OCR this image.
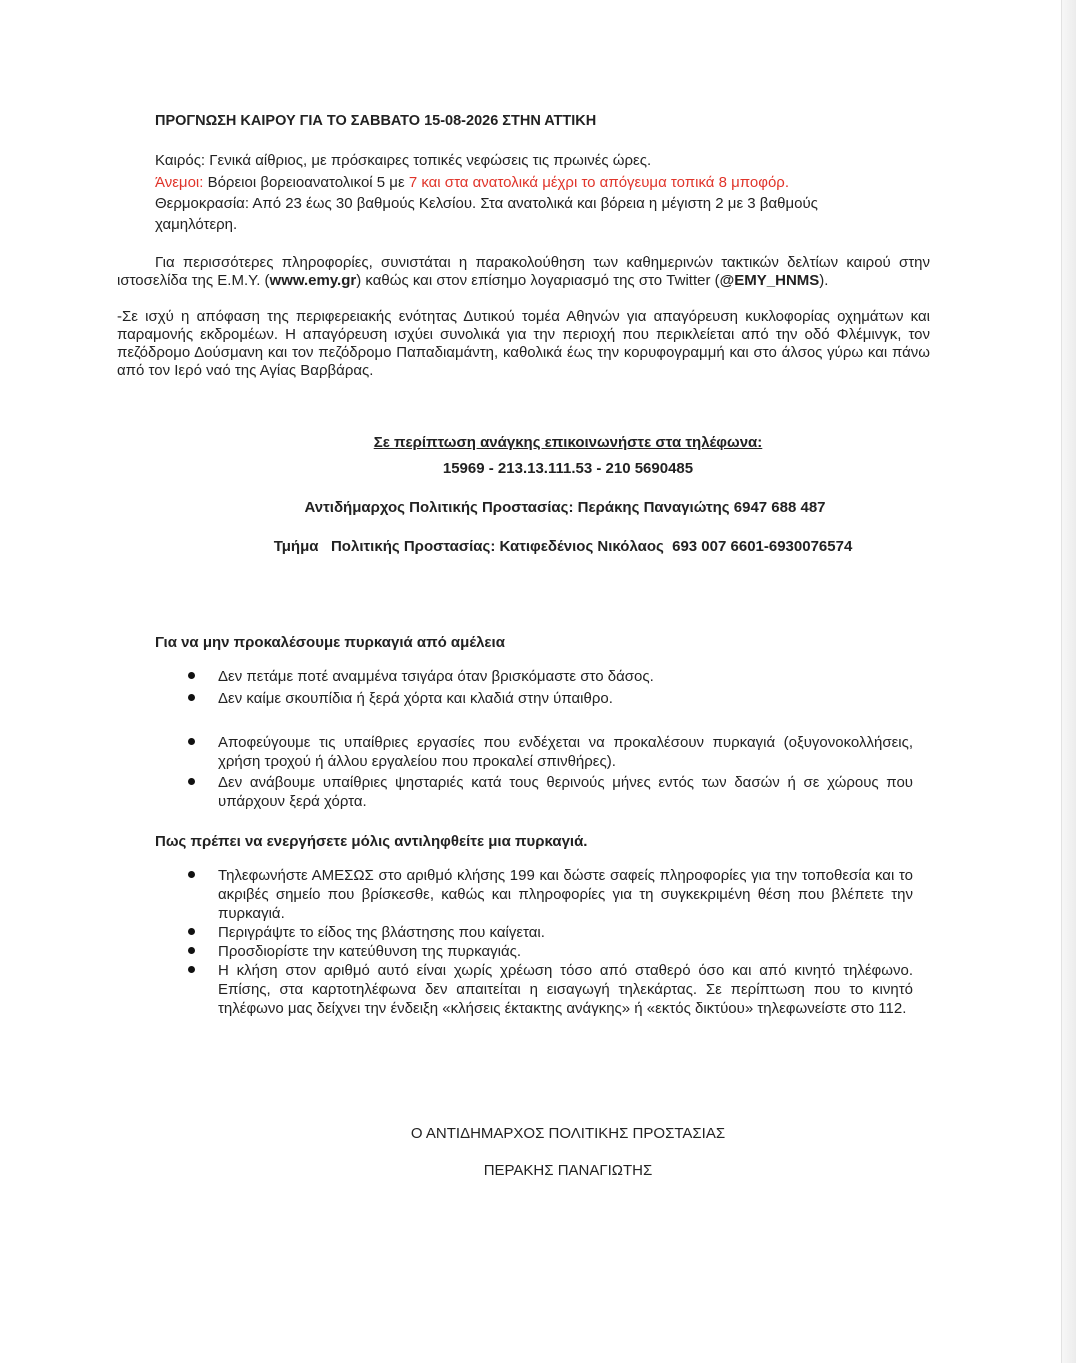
ΠΡΟΓΝΩΣΗ ΚΑΙΡΟΥ ΓΙΑ ΤΟ ΣΑΒΒΑΤΟ 15-08-2026 ΣΤΗΝ ΑΤΤΙΚΗ
Καιρός: Γενικά αίθριος, με πρόσκαιρες τοπικές νεφώσεις τις πρωινές ώρες.
Άνεμοι: Βόρειοι βορειοανατολικοί 5 με 7 και στα ανατολικά μέχρι το απόγευμα τοπικά 8 μποφόρ.
Θερμοκρασία: Από 23 έως 30 βαθμούς Κελσίου. Στα ανατολικά και βόρεια η μέγιστη 2 με 3 βαθμούς
χαμηλότερη.
Για περισσότερες πληροφορίες, συνιστάται η παρακολούθηση των καθημερινών τακτικών δελτίων καιρού στην ιστοσελίδα της Ε.Μ.Υ. (www.emy.gr) καθώς και στον επίσημο λογαριασμό της στο Twitter (@EMY_HNMS).
-Σε ισχύ η απόφαση της περιφερειακής ενότητας Δυτικού τομέα Αθηνών για απαγόρευση κυκλοφορίας οχημάτων και παραμονής εκδρομέων. Η απαγόρευση ισχύει συνολικά για την περιοχή που περικλείεται από την οδό Φλέμινγκ, τον πεζόδρομο Δούσμανη και τον πεζόδρομο Παπαδιαμάντη, καθολικά έως την κορυφογραμμή και στο άλσος γύρω και πάνω από τον Ιερό ναό της Αγίας Βαρβάρας.
Σε περίπτωση ανάγκης επικοινωνήστε στα τηλέφωνα:
15969 - 213.13.111.53 - 210 5690485
Αντιδήμαρχος Πολιτικής Προστασίας: Περάκης Παναγιώτης 6947 688 487
Τμήμα   Πολιτικής Προστασίας: Κατιφεδένιος Νικόλαος  693 007 6601-6930076574
Για να μην προκαλέσουμε πυρκαγιά από αμέλεια
Δεν πετάμε ποτέ αναμμένα τσιγάρα όταν βρισκόμαστε στο δάσος.
Δεν καίμε σκουπίδια ή ξερά χόρτα και κλαδιά στην ύπαιθρο.
Αποφεύγουμε τις υπαίθριες εργασίες που ενδέχεται να προκαλέσουν πυρκαγιά (οξυγονοκολλήσεις, χρήση τροχού ή άλλου εργαλείου που προκαλεί σπινθήρες).
Δεν ανάβουμε υπαίθριες ψησταριές κατά τους θερινούς μήνες εντός των δασών ή σε χώρους που υπάρχουν ξερά χόρτα.
Πως πρέπει να ενεργήσετε μόλις αντιληφθείτε μια πυρκαγιά.
Τηλεφωνήστε ΑΜΕΣΩΣ στο αριθμό κλήσης 199 και δώστε σαφείς πληροφορίες για την τοποθεσία και το ακριβές σημείο που βρίσκεσθε, καθώς και πληροφορίες για τη συγκεκριμένη θέση που βλέπετε την πυρκαγιά.
Περιγράψτε το είδος της βλάστησης που καίγεται.
Προσδιορίστε την κατεύθυνση της πυρκαγιάς.
Η κλήση στον αριθμό αυτό είναι χωρίς χρέωση τόσο από σταθερό όσο και από κινητό τηλέφωνο. Επίσης, στα καρτοτηλέφωνα δεν απαιτείται η εισαγωγή τηλεκάρτας. Σε περίπτωση που το κινητό τηλέφωνο μας δείχνει την ένδειξη «κλήσεις έκτακτης ανάγκης» ή «εκτός δικτύου» τηλεφωνείστε στο 112.
Ο ΑΝΤΙΔΗΜΑΡΧΟΣ ΠΟΛΙΤΙΚΗΣ ΠΡΟΣΤΑΣΙΑΣ
ΠΕΡΑΚΗΣ ΠΑΝΑΓΙΩΤΗΣ
